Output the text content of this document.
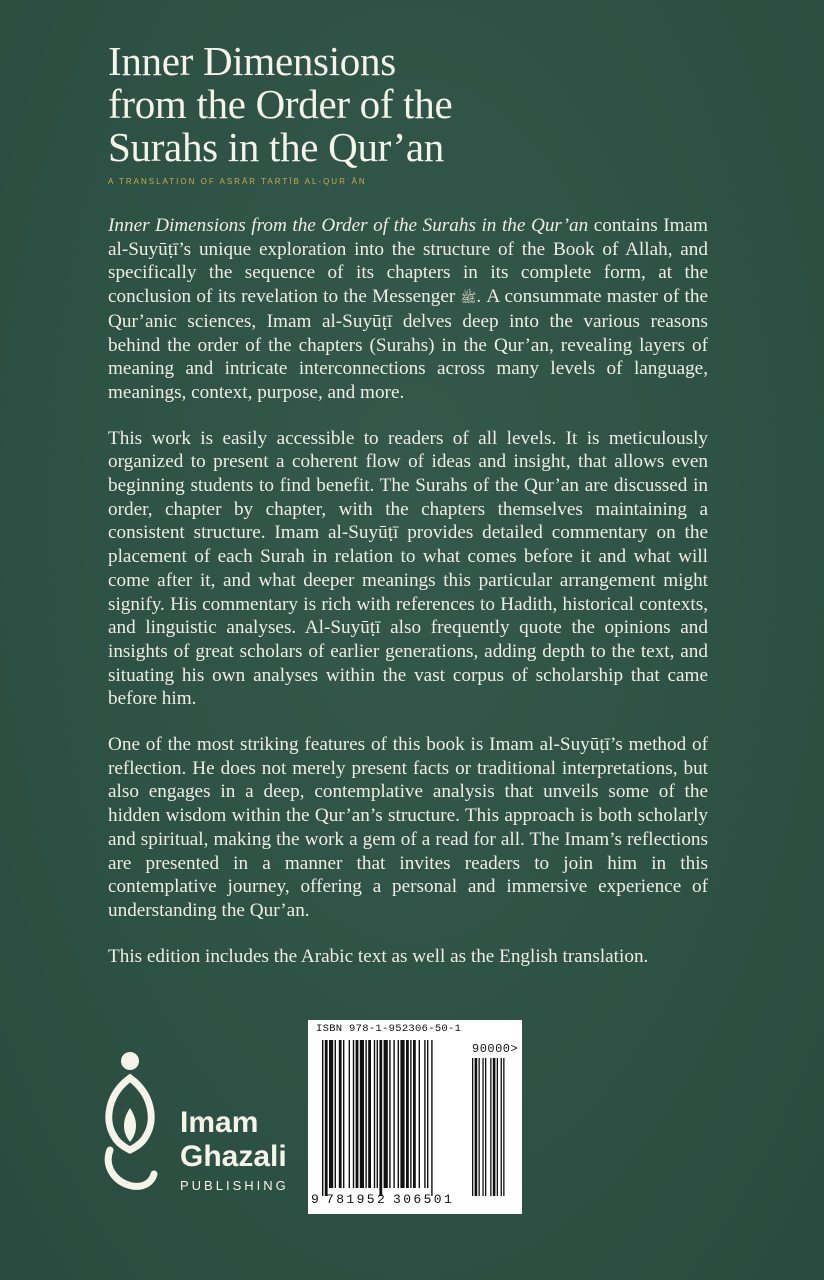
Inner Dimensions
from the Order of the
Surahs in the Qur’an
A TRANSLATION OF ASRĀR TARTĪB AL-QURʾĀN

Inner Dimensions from the Order of the Surahs in the Qur’an contains Imam al-Suyūṭī’s unique exploration into the structure of the Book of Allah, and specifically the sequence of its chapters in its complete form, at the conclusion of its revelation to the Messenger ﷺ. A consummate master of the Qur’anic sciences, Imam al-Suyūṭī delves deep into the various reasons behind the order of the chapters (Surahs) in the Qur’an, revealing layers of meaning and intricate interconnections across many levels of language, meanings, context, purpose, and more.

This work is easily accessible to readers of all levels. It is meticulously organized to present a coherent flow of ideas and insight, that allows even beginning students to find benefit. The Surahs of the Qur’an are discussed in order, chapter by chapter, with the chapters themselves maintaining a consistent structure. Imam al-Suyūṭī provides detailed commentary on the placement of each Surah in relation to what comes before it and what will come after it, and what deeper meanings this particular arrangement might signify. His commentary is rich with references to Hadith, historical contexts, and linguistic analyses. Al-Suyūṭī also frequently quote the opinions and insights of great scholars of earlier generations, adding depth to the text, and situating his own analyses within the vast corpus of scholarship that came before him.

One of the most striking features of this book is Imam al-Suyūṭī’s method of reflection. He does not merely present facts or traditional interpretations, but also engages in a deep, contemplative analysis that unveils some of the hidden wisdom within the Qur’an’s structure. This approach is both scholarly and spiritual, making the work a gem of a read for all. The Imam’s reflections are presented in a manner that invites readers to join him in this contemplative journey, offering a personal and immersive experience of understanding the Qur’an.

This edition includes the Arabic text as well as the English translation.

Imam
Ghazali
PUBLISHING
ISBN 978-1-952306-50-1
90000>
9 781952 306501
